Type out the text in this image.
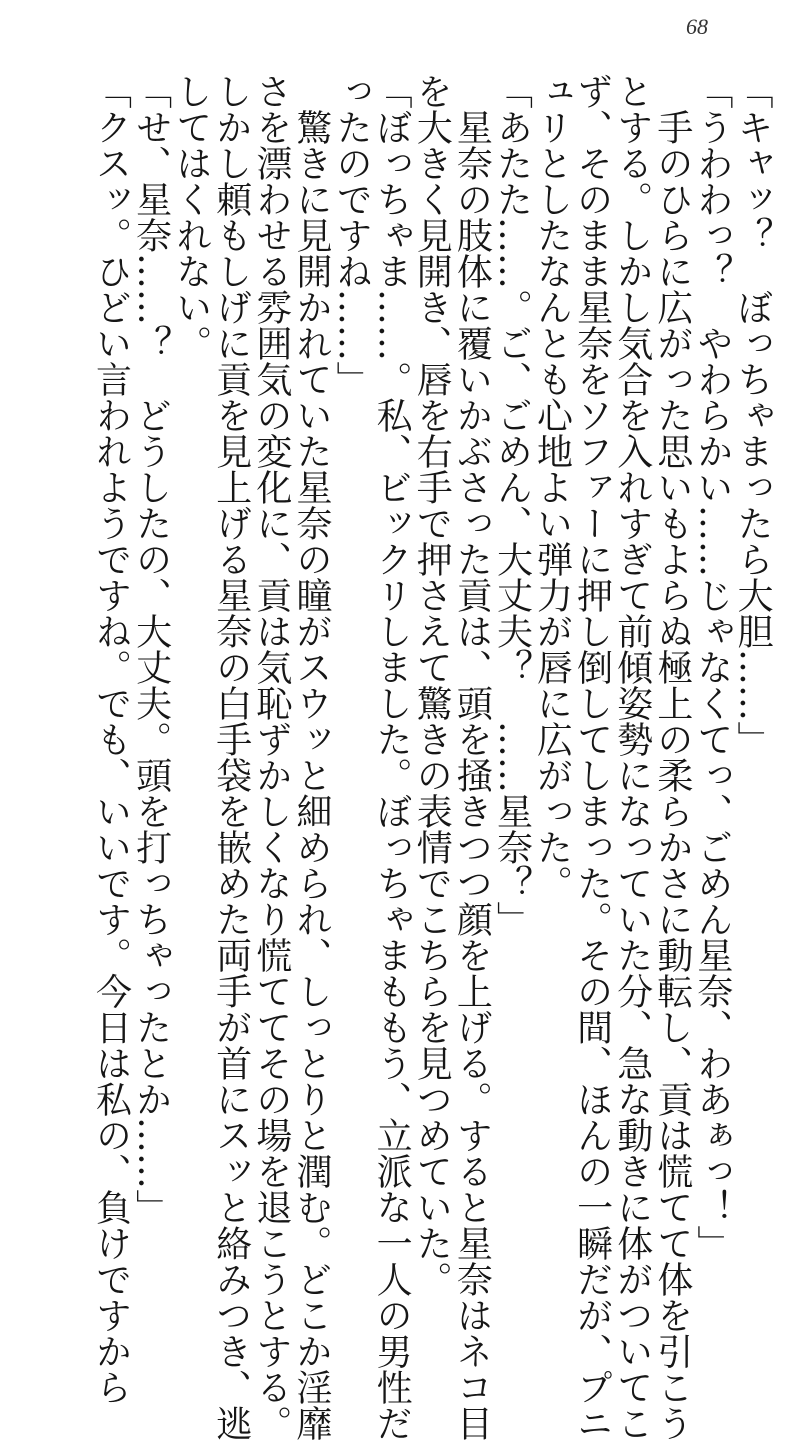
68
「キャッ？　ぼっちゃまったら大胆……」
「うわわっ？　やわらかい……じゃなくてっ、ごめん星奈、わあぁっ！」
　手のひらに広がった思いもよらぬ極上の柔らかさに動転し、貢は慌てて体を引こう
とする。しかし気合を入れすぎて前傾姿勢になっていた分、急な動きに体がついてこ
ず、そのまま星奈をソファーに押し倒してしまった。その間、ほんの一瞬だが、プニ
ュリとしたなんとも心地よい弾力が唇に広がった。
「あたた……。ご、ごめん、大丈夫？　……星奈？」
　星奈の肢体に覆いかぶさった貢は、頭を掻きつつ顔を上げる。すると星奈はネコ目
を大きく見開き、唇を右手で押さえて驚きの表情でこちらを見つめていた。
「ぼっちゃま……。私、ビックリしました。ぼっちゃまももう、立派な一人の男性だ
ったのですね……」
　驚きに見開かれていた星奈の瞳がスウッと細められ、しっとりと潤む。どこか淫靡
さを漂わせる雰囲気の変化に、貢は気恥ずかしくなり慌ててその場を退こうとする。
しかし頼もしげに貢を見上げる星奈の白手袋を嵌めた両手が首にスッと絡みつき、逃
してはくれない。
「せ、星奈……？　どうしたの、大丈夫。頭を打っちゃったとか……」
「クスッ。ひどい言われようですね。でも、いいです。今日は私の、負けですから
